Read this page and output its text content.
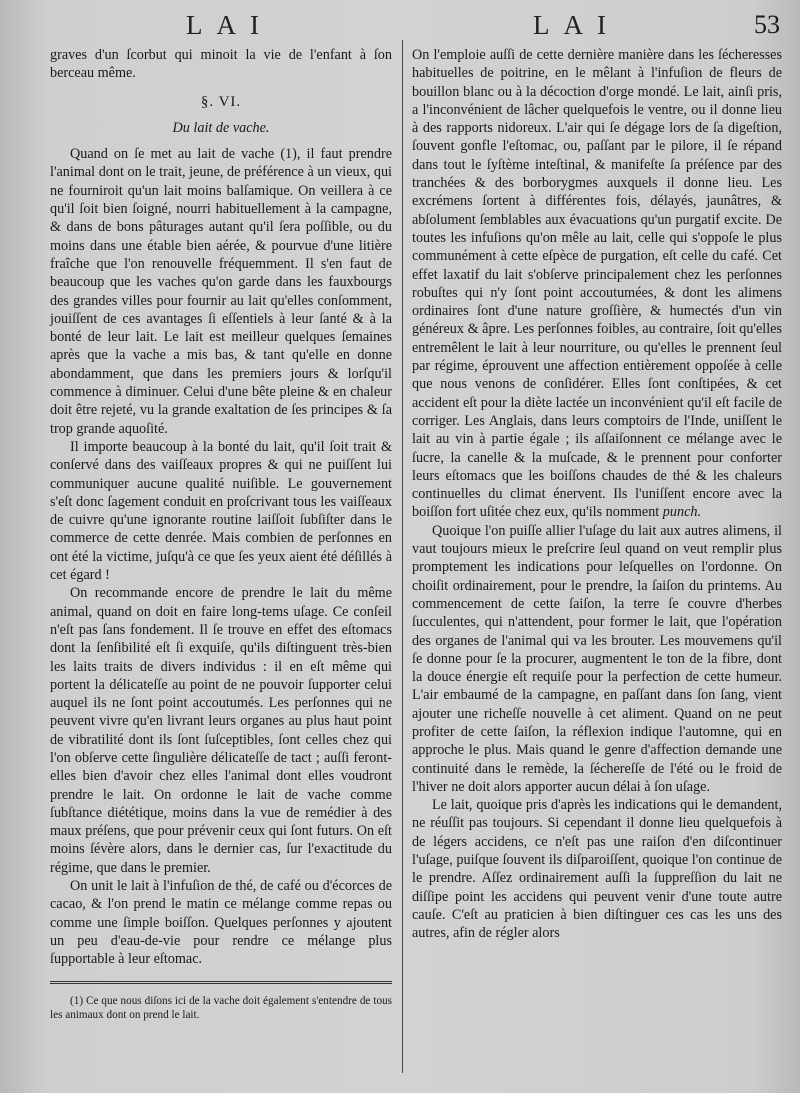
LAI	LAI	53

graves d'un ſcorbut qui minoit la vie de l'enfant à ſon berceau même.

§. VI.
Du lait de vache.

Quand on ſe met au lait de vache (1), il faut prendre l'animal dont on le trait, jeune, de préférence à un vieux, qui ne fourniroit qu'un lait moins balſamique. On veillera à ce qu'il ſoit bien ſoigné, nourri habituellement à la campagne, & dans de bons pâturages autant qu'il ſera poſſible, ou du moins dans une étable bien aérée, & pourvue d'une litière fraîche que l'on renouvelle fréquemment. Il s'en faut de beaucoup que les vaches qu'on garde dans les fauxbourgs des grandes villes pour fournir au lait qu'elles conſomment, jouiſſent de ces avantages ſi eſſentiels à leur ſanté & à la bonté de leur lait. Le lait est meilleur quelques ſemaines après que la vache a mis bas, & tant qu'elle en donne abondamment, que dans les premiers jours & lorſqu'il commence à diminuer. Celui d'une bête pleine & en chaleur doit être rejeté, vu la grande exaltation de ſes principes & ſa trop grande aquoſité.

Il importe beaucoup à la bonté du lait, qu'il ſoit trait & conſervé dans des vaiſſeaux propres & qui ne puiſſent lui communiquer aucune qualité nuiſible. Le gouvernement s'eſt donc ſagement conduit en proſcrivant tous les vaiſſeaux de cuivre qu'une ignorante routine laiſſoit ſubſiſter dans le commerce de cette denrée. Mais combien de perſonnes en ont été la victime, juſqu'à ce que ſes yeux aient été déſillés à cet égard !

On recommande encore de prendre le lait du même animal, quand on doit en faire long-tems uſage. Ce conſeil n'eſt pas ſans fondement. Il ſe trouve en effet des eſtomacs dont la ſenſibilité eſt ſi exquiſe, qu'ils diſtinguent très-bien les laits traits de divers individus : il en eſt même qui portent la délicateſſe au point de ne pouvoir ſupporter celui auquel ils ne ſont point accoutumés. Les perſonnes qui ne peuvent vivre qu'en livrant leurs organes au plus haut point de vibratilité dont ils ſont ſuſceptibles, ſont celles chez qui l'on obſerve cette ſingulière délicateſſe de tact ; auſſi feront-elles bien d'avoir chez elles l'animal dont elles voudront prendre le lait. On ordonne le lait de vache comme ſubſtance diététique, moins dans la vue de remédier à des maux préſens, que pour prévenir ceux qui ſont futurs. On eſt moins ſévère alors, dans le dernier cas, ſur l'exactitude du régime, que dans le premier.

On unit le lait à l'infuſion de thé, de café ou d'écorces de cacao, & l'on prend le matin ce mélange comme repas ou comme une ſimple boiſſon. Quelques perſonnes y ajoutent un peu d'eau-de-vie pour rendre ce mélange plus ſupportable à leur eſtomac.

(1) Ce que nous diſons ici de la vache doit également s'entendre de tous les animaux dont on prend le lait.

On l'emploie auſſi de cette dernière manière dans les ſécheresses habituelles de poitrine, en le mêlant à l'infuſion de fleurs de bouillon blanc ou à la décoction d'orge mondé. Le lait, ainſi pris, a l'inconvénient de lâcher quelquefois le ventre, ou il donne lieu à des rapports nidoreux. L'air qui ſe dégage lors de ſa digeſtion, ſouvent gonfle l'eſtomac, ou, paſſant par le pilore, il ſe répand dans tout le ſyſtème inteſtinal, & manifeſte ſa préſence par des tranchées & des borborygmes auxquels il donne lieu. Les excrémens ſortent à différentes fois, délayés, jaunâtres, & abſolument ſemblables aux évacuations qu'un purgatif excite. De toutes les infuſions qu'on mêle au lait, celle qui s'oppoſe le plus communément à cette eſpèce de purgation, eſt celle du café. Cet effet laxatif du lait s'obſerve principalement chez les perſonnes robuſtes qui n'y ſont point accoutumées, & dont les alimens ordinaires ſont d'une nature groſſière, & humectés d'un vin généreux & âpre. Les perſonnes foibles, au contraire, ſoit qu'elles entremêlent le lait à leur nourriture, ou qu'elles le prennent ſeul par régime, éprouvent une affection entièrement oppoſée à celle que nous venons de conſidérer. Elles ſont conſtipées, & cet accident eſt pour la diète lactée un inconvénient qu'il eſt facile de corriger. Les Anglais, dans leurs comptoirs de l'Inde, uniſſent le lait au vin à partie égale ; ils aſſaiſonnent ce mélange avec le ſucre, la canelle & la muſcade, & le prennent pour conforter leurs eſtomacs que les boiſſons chaudes de thé & les chaleurs continuelles du climat énervent. Ils l'uniſſent encore avec la boiſſon fort uſitée chez eux, qu'ils nomment punch.

Quoique l'on puiſſe allier l'uſage du lait aux autres alimens, il vaut toujours mieux le preſcrire ſeul quand on veut remplir plus promptement les indications pour leſquelles on l'ordonne. On choiſit ordinairement, pour le prendre, la ſaiſon du printems. Au commencement de cette ſaiſon, la terre ſe couvre d'herbes ſucculentes, qui n'attendent, pour former le lait, que l'opération des organes de l'animal qui va les brouter. Les mouvemens qu'il ſe donne pour ſe la procurer, augmentent le ton de la fibre, dont la douce énergie eſt requiſe pour la perfection de cette humeur. L'air embaumé de la campagne, en paſſant dans ſon ſang, vient ajouter une richeſſe nouvelle à cet aliment. Quand on ne peut profiter de cette ſaiſon, la réflexion indique l'automne, qui en approche le plus. Mais quand le genre d'affection demande une continuité dans le remède, la ſéchereſſe de l'été ou le froid de l'hiver ne doit alors apporter aucun délai à ſon uſage.

Le lait, quoique pris d'après les indications qui le demandent, ne réuſſit pas toujours. Si cependant il donne lieu quelquefois à de légers accidens, ce n'eſt pas une raiſon d'en diſcontinuer l'uſage, puiſque ſouvent ils diſparoiſſent, quoique l'on continue de le prendre. Aſſez ordinairement auſſi la ſuppreſſion du lait ne diſſipe point les accidens qui peuvent venir d'une toute autre cauſe. C'eſt au praticien à bien diſtinguer ces cas les uns des autres, afin de régler alors
